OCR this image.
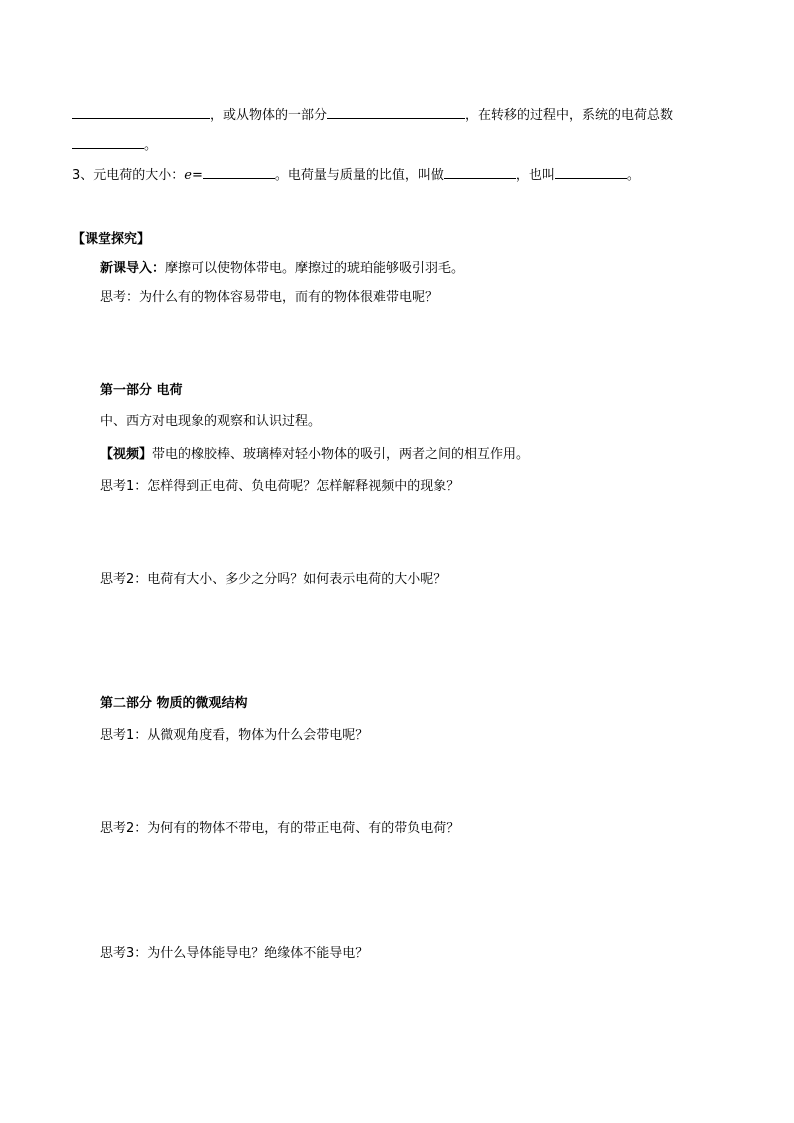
，或从物体的一部分	，在转移的过程中，系统的电荷总数
。
3、元电荷的大小：e=	。电荷量与质量的比值，叫做	，也叫	。
【课堂探究】
新课导入：摩擦可以使物体带电。摩擦过的琥珀能够吸引羽毛。
思考：为什么有的物体容易带电，而有的物体很难带电呢？
第一部分 电荷
中、西方对电现象的观察和认识过程。
【视频】带电的橡胶棒、玻璃棒对轻小物体的吸引，两者之间的相互作用。
思考1：怎样得到正电荷、负电荷呢？怎样解释视频中的现象？
思考2：电荷有大小、多少之分吗？如何表示电荷的大小呢？
第二部分 物质的微观结构
思考1：从微观角度看，物体为什么会带电呢？
思考2：为何有的物体不带电，有的带正电荷、有的带负电荷？
思考3：为什么导体能导电？绝缘体不能导电？
